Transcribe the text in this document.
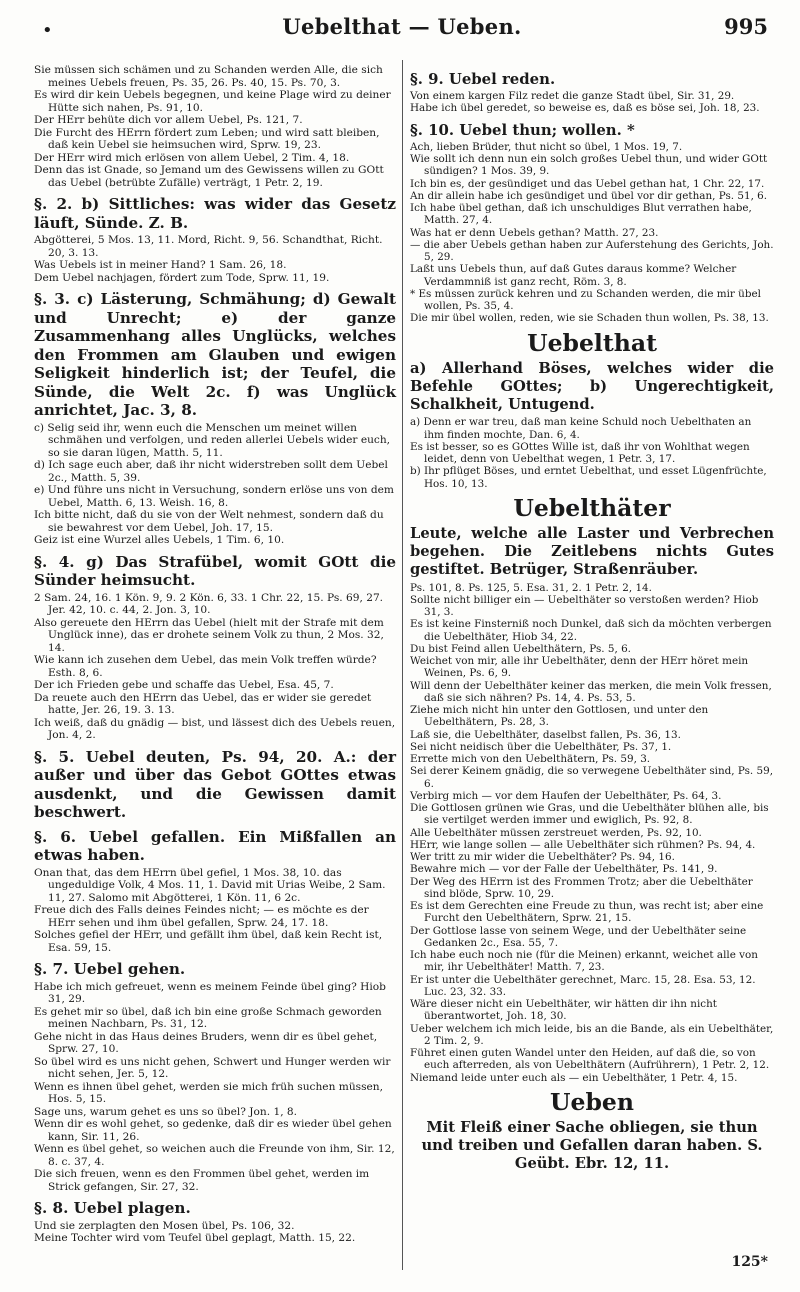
•	Uebelthat — Ueben.	995
Sie müssen sich schämen und zu Schanden werden Alle, die sich meines Uebels freuen, Ps. 35, 26. Ps. 40, 15. Ps. 70, 3.
Es wird dir kein Uebels begegnen, und keine Plage wird zu deiner Hütte sich nahen, Ps. 91, 10.
Der HErr behüte dich vor allem Uebel, Ps. 121, 7.
Die Furcht des HErrn fördert zum Leben; und wird satt bleiben, daß kein Uebel sie heimsuchen wird, Sprw. 19, 23.
Der HErr wird mich erlösen von allem Uebel, 2 Tim. 4, 18.
Denn das ist Gnade, so Jemand um des Gewissens willen zu GOtt das Uebel (betrübte Zufälle) verträgt, 1 Petr. 2, 19.
§. 2. b) Sittliches: was wider das Gesetz läuft, Sünde. Z. B.
Abgötterei, 5 Mos. 13, 11. Mord, Richt. 9, 56. Schandthat, Richt. 20, 3. 13.
Was Uebels ist in meiner Hand? 1 Sam. 26, 18.
Dem Uebel nachjagen, fördert zum Tode, Sprw. 11, 19.
§. 3. c) Lästerung, Schmähung; d) Gewalt und Unrecht; e) der ganze Zusammenhang alles Unglücks, welches den Frommen am Glauben und ewigen Seligkeit hinderlich ist; der Teufel, die Sünde, die Welt 2c. f) was Unglück anrichtet, Jac. 3, 8.
c) Selig seid ihr, wenn euch die Menschen um meinet willen schmähen und verfolgen, und reden allerlei Uebels wider euch, so sie daran lügen, Matth. 5, 11.
d) Ich sage euch aber, daß ihr nicht widerstreben sollt dem Uebel 2c., Matth. 5, 39.
e) Und führe uns nicht in Versuchung, sondern erlöse uns von dem Uebel, Matth. 6, 13. Weish. 16, 8.
Ich bitte nicht, daß du sie von der Welt nehmest, sondern daß du sie bewahrest vor dem Uebel, Joh. 17, 15.
Geiz ist eine Wurzel alles Uebels, 1 Tim. 6, 10.
§. 4. g) Das Strafübel, womit GOtt die Sünder heimsucht.
2 Sam. 24, 16. 1 Kön. 9, 9. 2 Kön. 6, 33. 1 Chr. 22, 15. Ps. 69, 27. Jer. 42, 10. c. 44, 2. Jon. 3, 10.
Also gereuete den HErrn das Uebel (hielt mit der Strafe mit dem Unglück inne), das er drohete seinem Volk zu thun, 2 Mos. 32, 14.
Wie kann ich zusehen dem Uebel, das mein Volk treffen würde? Esth. 8, 6.
Der ich Frieden gebe und schaffe das Uebel, Esa. 45, 7.
Da reuete auch den HErrn das Uebel, das er wider sie geredet hatte, Jer. 26, 19. 3. 13.
Ich weiß, daß du gnädig — bist, und lässest dich des Uebels reuen, Jon. 4, 2.
§. 5. Uebel deuten, Ps. 94, 20. A.: der außer und über das Gebot GOttes etwas ausdenkt, und die Gewissen damit beschwert.
§. 6. Uebel gefallen. Ein Mißfallen an etwas haben.
Onan that, das dem HErrn übel gefiel, 1 Mos. 38, 10. das ungeduldige Volk, 4 Mos. 11, 1. David mit Urias Weibe, 2 Sam. 11, 27. Salomo mit Abgötterei, 1 Kön. 11, 6 2c.
Freue dich des Falls deines Feindes nicht; — es möchte es der HErr sehen und ihm übel gefallen, Sprw. 24, 17. 18.
Solches gefiel der HErr, und gefällt ihm übel, daß kein Recht ist, Esa. 59, 15.
§. 7. Uebel gehen.
Habe ich mich gefreuet, wenn es meinem Feinde übel ging? Hiob 31, 29.
Es gehet mir so übel, daß ich bin eine große Schmach geworden meinen Nachbarn, Ps. 31, 12.
Gehe nicht in das Haus deines Bruders, wenn dir es übel gehet, Sprw. 27, 10.
So übel wird es uns nicht gehen, Schwert und Hunger werden wir nicht sehen, Jer. 5, 12.
Wenn es ihnen übel gehet, werden sie mich früh suchen müssen, Hos. 5, 15.
Sage uns, warum gehet es uns so übel? Jon. 1, 8.
Wenn dir es wohl gehet, so gedenke, daß dir es wieder übel gehen kann, Sir. 11, 26.
Wenn es übel gehet, so weichen auch die Freunde von ihm, Sir. 12, 8. c. 37, 4.
Die sich freuen, wenn es den Frommen übel gehet, werden im Strick gefangen, Sir. 27, 32.
§. 8. Uebel plagen.
Und sie zerplagten den Mosen übel, Ps. 106, 32.
Meine Tochter wird vom Teufel übel geplagt, Matth. 15, 22.
§. 9. Uebel reden.
Von einem kargen Filz redet die ganze Stadt übel, Sir. 31, 29.
Habe ich übel geredet, so beweise es, daß es böse sei, Joh. 18, 23.
§. 10. Uebel thun; wollen. *
Ach, lieben Brüder, thut nicht so übel, 1 Mos. 19, 7.
Wie sollt ich denn nun ein solch großes Uebel thun, und wider GOtt sündigen? 1 Mos. 39, 9.
Ich bin es, der gesündiget und das Uebel gethan hat, 1 Chr. 22, 17.
An dir allein habe ich gesündiget und übel vor dir gethan, Ps. 51, 6.
Ich habe übel gethan, daß ich unschuldiges Blut verrathen habe, Matth. 27, 4.
Was hat er denn Uebels gethan? Matth. 27, 23.
— die aber Uebels gethan haben zur Auferstehung des Gerichts, Joh. 5, 29.
Laßt uns Uebels thun, auf daß Gutes daraus komme? Welcher Verdammniß ist ganz recht, Röm. 3, 8.
* Es müssen zurück kehren und zu Schanden werden, die mir übel wollen, Ps. 35, 4.
Die mir übel wollen, reden, wie sie Schaden thun wollen, Ps. 38, 13.
Uebelthat
a) Allerhand Böses, welches wider die Befehle GOttes; b) Ungerechtigkeit, Schalkheit, Untugend.
a) Denn er war treu, daß man keine Schuld noch Uebelthaten an ihm finden mochte, Dan. 6, 4.
Es ist besser, so es GOttes Wille ist, daß ihr von Wohlthat wegen leidet, denn von Uebelthat wegen, 1 Petr. 3, 17.
b) Ihr pflüget Böses, und erntet Uebelthat, und esset Lügenfrüchte, Hos. 10, 13.
Uebelthäter
Leute, welche alle Laster und Verbrechen begehen. Die Zeitlebens nichts Gutes gestiftet. Betrüger, Straßenräuber.
Ps. 101, 8. Ps. 125, 5. Esa. 31, 2. 1 Petr. 2, 14.
Sollte nicht billiger ein — Uebelthäter so verstoßen werden? Hiob 31, 3.
Es ist keine Finsterniß noch Dunkel, daß sich da möchten verbergen die Uebelthäter, Hiob 34, 22.
Du bist Feind allen Uebelthätern, Ps. 5, 6.
Weichet von mir, alle ihr Uebelthäter, denn der HErr höret mein Weinen, Ps. 6, 9.
Will denn der Uebelthäter keiner das merken, die mein Volk fressen, daß sie sich nähren? Ps. 14, 4. Ps. 53, 5.
Ziehe mich nicht hin unter den Gottlosen, und unter den Uebelthätern, Ps. 28, 3.
Laß sie, die Uebelthäter, daselbst fallen, Ps. 36, 13.
Sei nicht neidisch über die Uebelthäter, Ps. 37, 1.
Errette mich von den Uebelthätern, Ps. 59, 3.
Sei derer Keinem gnädig, die so verwegene Uebelthäter sind, Ps. 59, 6.
Verbirg mich — vor dem Haufen der Uebelthäter, Ps. 64, 3.
Die Gottlosen grünen wie Gras, und die Uebelthäter blühen alle, bis sie vertilget werden immer und ewiglich, Ps. 92, 8.
Alle Uebelthäter müssen zerstreuet werden, Ps. 92, 10.
HErr, wie lange sollen — alle Uebelthäter sich rühmen? Ps. 94, 4.
Wer tritt zu mir wider die Uebelthäter? Ps. 94, 16.
Bewahre mich — vor der Falle der Uebelthäter, Ps. 141, 9.
Der Weg des HErrn ist des Frommen Trotz; aber die Uebelthäter sind blöde, Sprw. 10, 29.
Es ist dem Gerechten eine Freude zu thun, was recht ist; aber eine Furcht den Uebelthätern, Sprw. 21, 15.
Der Gottlose lasse von seinem Wege, und der Uebelthäter seine Gedanken 2c., Esa. 55, 7.
Ich habe euch noch nie (für die Meinen) erkannt, weichet alle von mir, ihr Uebelthäter! Matth. 7, 23.
Er ist unter die Uebelthäter gerechnet, Marc. 15, 28. Esa. 53, 12. Luc. 23, 32. 33.
Wäre dieser nicht ein Uebelthäter, wir hätten dir ihn nicht überantwortet, Joh. 18, 30.
Ueber welchem ich mich leide, bis an die Bande, als ein Uebelthäter, 2 Tim. 2, 9.
Führet einen guten Wandel unter den Heiden, auf daß die, so von euch afterreden, als von Uebelthätern (Aufrührern), 1 Petr. 2, 12.
Niemand leide unter euch als — ein Uebelthäter, 1 Petr. 4, 15.
Ueben
Mit Fleiß einer Sache obliegen, sie thun und treiben und Gefallen daran haben. S. Geübt. Ebr. 12, 11.
125*
